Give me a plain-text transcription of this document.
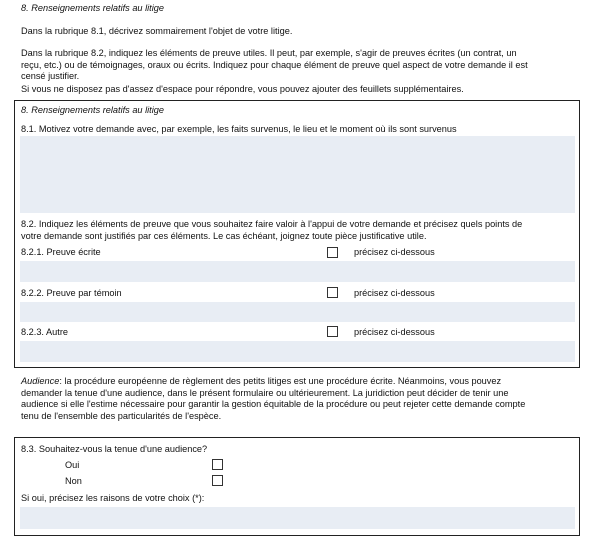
8. Renseignements relatifs au litige
Dans la rubrique 8.1, décrivez sommairement l'objet de votre litige.
Dans la rubrique 8.2, indiquez les éléments de preuve utiles. Il peut, par exemple, s'agir de preuves écrites (un contrat, un
reçu, etc.) ou de témoignages, oraux ou écrits. Indiquez pour chaque élément de preuve quel aspect de votre demande il est
censé justifier.
Si vous ne disposez pas d'assez d'espace pour répondre, vous pouvez ajouter des feuillets supplémentaires.
8. Renseignements relatifs au litige
8.1. Motivez votre demande avec, par exemple, les faits survenus, le lieu et le moment où ils sont survenus
8.2. Indiquez les éléments de preuve que vous souhaitez faire valoir à l'appui de votre demande et précisez quels points de
votre demande sont justifiés par ces éléments. Le cas échéant, joignez toute pièce justificative utile.
8.2.1. Preuve écrite	précisez ci-dessous
8.2.2. Preuve par témoin	précisez ci-dessous
8.2.3. Autre	précisez ci-dessous
Audience: la procédure européenne de règlement des petits litiges est une procédure écrite. Néanmoins, vous pouvez
demander la tenue d'une audience, dans le présent formulaire ou ultérieurement. La juridiction peut décider de tenir une
audience si elle l'estime nécessaire pour garantir la gestion équitable de la procédure ou peut rejeter cette demande compte
tenu de l'ensemble des particularités de l'espèce.
8.3. Souhaitez-vous la tenue d'une audience?
Oui
Non
Si oui, précisez les raisons de votre choix (*):
